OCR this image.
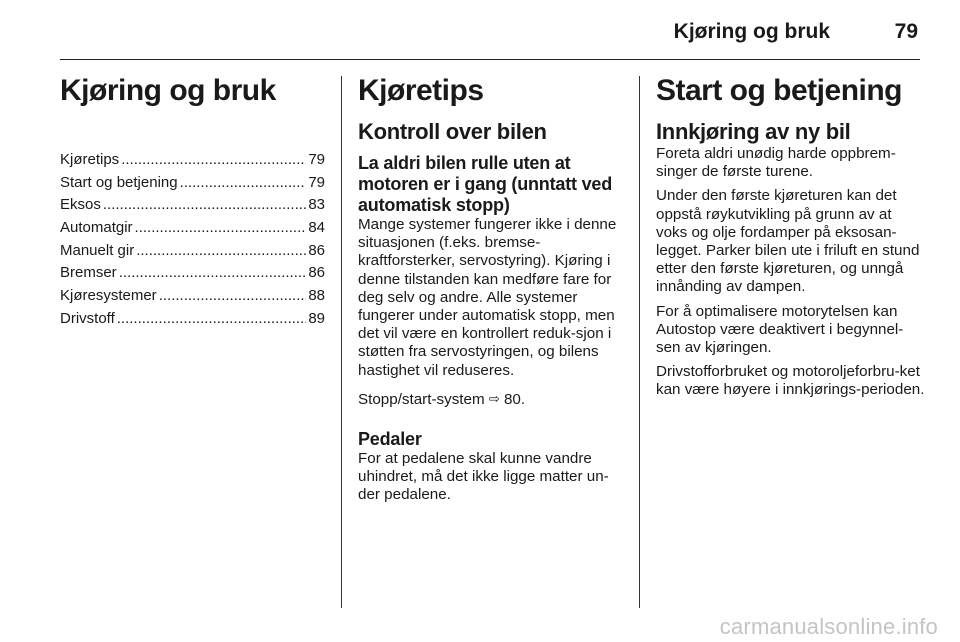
Kjøring og bruk	79
Kjøring og bruk
Kjøretips .....	79
Start og betjening .....	79
Eksos .....	83
Automatgir .....	84
Manuelt gir .....	86
Bremser .....	86
Kjøresystemer .....	88
Drivstoff .....	89
Kjøretips
Kontroll over bilen
La aldri bilen rulle uten at motoren er i gang (unntatt ved automatisk stopp)

Mange systemer fungerer ikke i denne situasjonen (f.eks. bremse-kraftforsterker, servostyring). Kjøring i denne tilstanden kan medføre fare for deg selv og andre. Alle systemer fungerer under automatisk stopp, men det vil være en kontrollert reduk-sjon i støtten fra servostyringen, og bilens hastighet vil reduseres.

Stopp/start-system ⇨ 80.

Pedaler

For at pedalene skal kunne vandre uhindret, må det ikke ligge matter un-der pedalene.

Start og betjening
Innkjøring av ny bil

Foreta aldri unødig harde oppbrem-singer de første turene.

Under den første kjøreturen kan det oppstå røykutvikling på grunn av at voks og olje fordamper på eksosan-legget. Parker bilen ute i friluft en stund etter den første kjøreturen, og unngå innånding av dampen.

For å optimalisere motorytelsen kan Autostop være deaktivert i begynnel-sen av kjøringen.

Drivstofforbruket og motoroljeforbru-ket kan være høyere i innkjørings-perioden.

carmanualsonline.info
